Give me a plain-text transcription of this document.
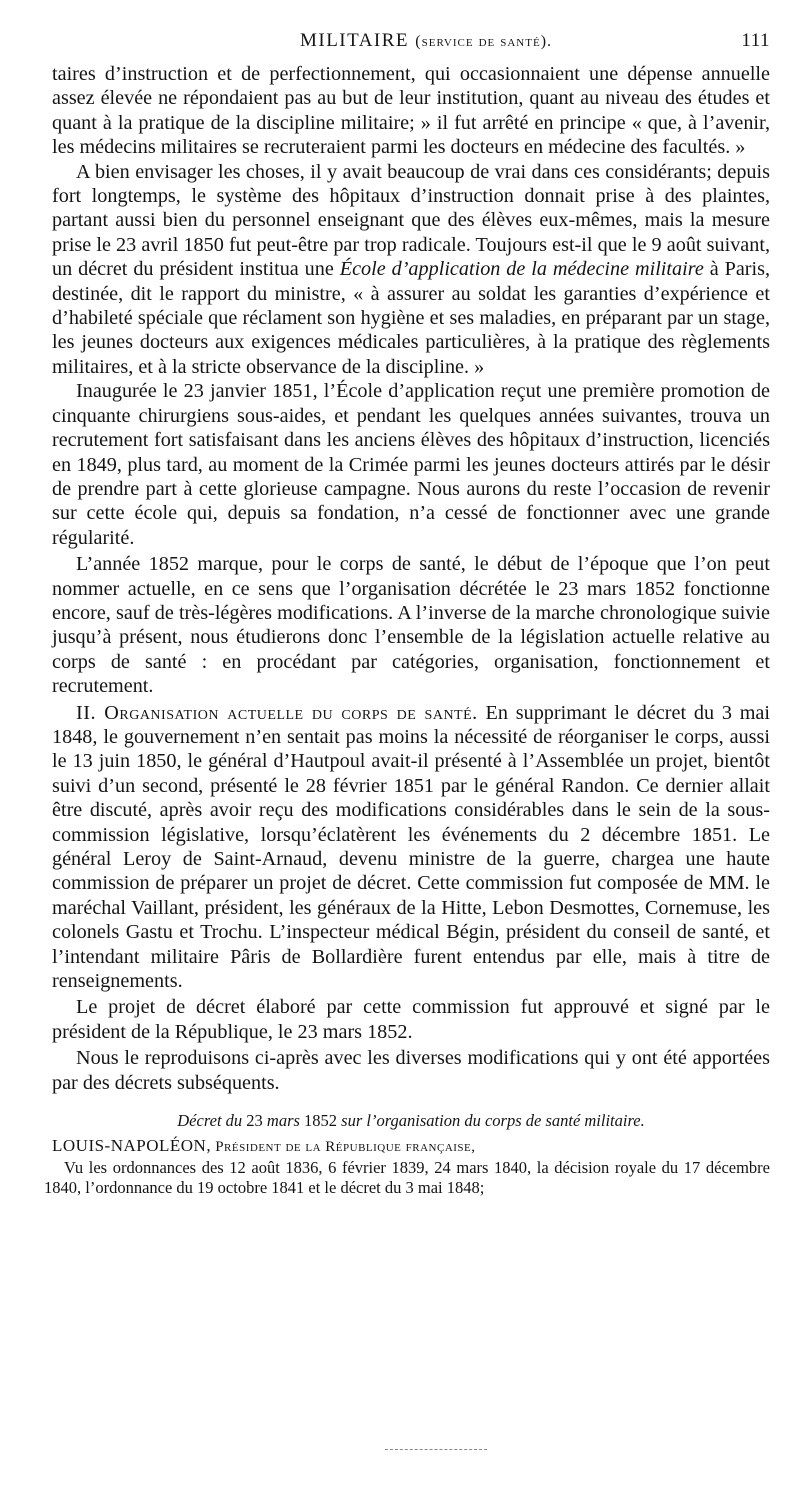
MILITAIRE (service de santé).	111

taires d’instruction et de perfectionnement, qui occasionnaient une dépense annuelle assez élevée ne répondaient pas au but de leur institution, quant au niveau des études et quant à la pratique de la discipline militaire; » il fut arrêté en principe « que, à l’avenir, les médecins militaires se recruteraient parmi les docteurs en médecine des facultés. »

A bien envisager les choses, il y avait beaucoup de vrai dans ces considérants; depuis fort longtemps, le système des hôpitaux d’instruction donnait prise à des plaintes, partant aussi bien du personnel enseignant que des élèves eux-mêmes, mais la mesure prise le 23 avril 1850 fut peut-être par trop radicale. Toujours est-il que le 9 août suivant, un décret du président institua une École d’application de la médecine militaire à Paris, destinée, dit le rapport du ministre, « à assurer au soldat les garanties d’expérience et d’habileté spéciale que réclament son hygiène et ses maladies, en préparant par un stage, les jeunes docteurs aux exigences médicales particulières, à la pratique des règlements militaires, et à la stricte observance de la discipline. »

Inaugurée le 23 janvier 1851, l’École d’application reçut une première promotion de cinquante chirurgiens sous-aides, et pendant les quelques années suivantes, trouva un recrutement fort satisfaisant dans les anciens élèves des hôpitaux d’instruction, licenciés en 1849, plus tard, au moment de la Crimée parmi les jeunes docteurs attirés par le désir de prendre part à cette glorieuse campagne. Nous aurons du reste l’occasion de revenir sur cette école qui, depuis sa fondation, n’a cessé de fonctionner avec une grande régularité.

L’année 1852 marque, pour le corps de santé, le début de l’époque que l’on peut nommer actuelle, en ce sens que l’organisation décrétée le 23 mars 1852 fonctionne encore, sauf de très-légères modifications. A l’inverse de la marche chronologique suivie jusqu’à présent, nous étudierons donc l’ensemble de la législation actuelle relative au corps de santé : en procédant par catégories, organisation, fonctionnement et recrutement.

II. Organisation actuelle du corps de santé. En supprimant le décret du 3 mai 1848, le gouvernement n’en sentait pas moins la nécessité de réorganiser le corps, aussi le 13 juin 1850, le général d’Hautpoul avait-il présenté à l’Assemblée un projet, bientôt suivi d’un second, présenté le 28 février 1851 par le général Randon. Ce dernier allait être discuté, après avoir reçu des modifications considérables dans le sein de la sous-commission législative, lorsqu’éclatèrent les événements du 2 décembre 1851. Le général Leroy de Saint-Arnaud, devenu ministre de la guerre, chargea une haute commission de préparer un projet de décret. Cette commission fut composée de MM. le maréchal Vaillant, président, les généraux de la Hitte, Lebon Desmottes, Cornemuse, les colonels Gastu et Trochu. L’inspecteur médical Bégin, président du conseil de santé, et l’intendant militaire Pâris de Bollardière furent entendus par elle, mais à titre de renseignements.

Le projet de décret élaboré par cette commission fut approuvé et signé par le président de la République, le 23 mars 1852.

Nous le reproduisons ci-après avec les diverses modifications qui y ont été apportées par des décrets subséquents.

Décret du 23 mars 1852 sur l’organisation du corps de santé militaire.
LOUIS-NAPOLÉON, Président de la République française,

Vu les ordonnances des 12 août 1836, 6 février 1839, 24 mars 1840, la décision royale du 17 décembre 1840, l’ordonnance du 19 octobre 1841 et le décret du 3 mai 1848;
